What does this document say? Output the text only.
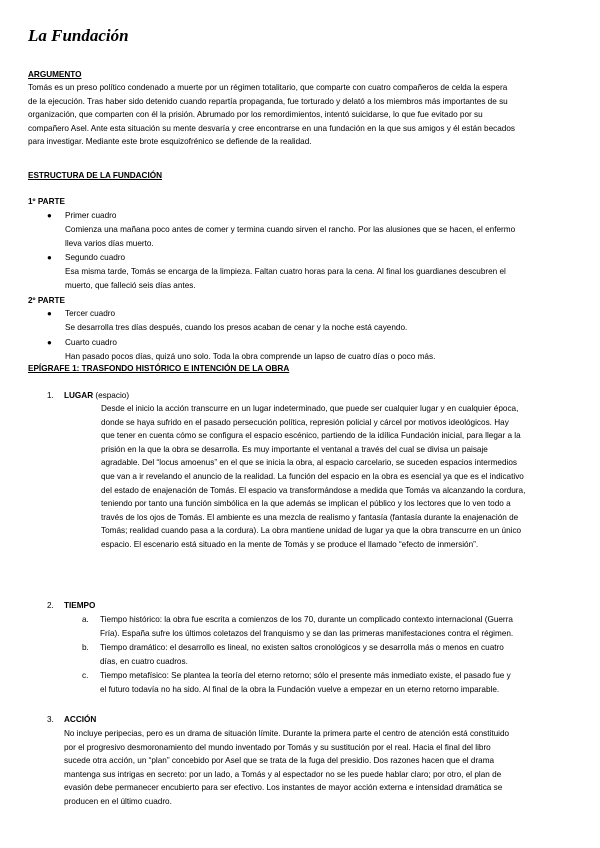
La Fundación
ARGUMENTO
Tomás es un preso político condenado a muerte por un régimen totalitario, que comparte con cuatro compañeros de celda la espera
de la ejecución. Tras haber sido detenido cuando repartía propaganda, fue torturado y delató a los miembros más importantes de su
organización, que comparten con él la prisión. Abrumado por los remordimientos, intentó suicidarse, lo que fue evitado por su
compañero Asel. Ante esta situación su mente desvaría y cree encontrarse en una fundación en la que sus amigos y él están becados
para investigar. Mediante este brote esquizofrénico se defiende de la realidad.
ESTRUCTURA DE LA FUNDACIÓN
1º PARTE
● Primer cuadro
Comienza una mañana poco antes de comer y termina cuando sirven el rancho. Por las alusiones que se hacen, el enfermo
lleva varios días muerto.
● Segundo cuadro
Esa misma tarde, Tomás se encarga de la limpieza. Faltan cuatro horas para la cena. Al final los guardianes descubren el
muerto, que falleció seis días antes.
2º PARTE
● Tercer cuadro
Se desarrolla tres días después, cuando los presos acaban de cenar y la noche está cayendo.
● Cuarto cuadro
Han pasado pocos días, quizá uno solo. Toda la obra comprende un lapso de cuatro días o poco más.
EPÍGRAFE 1: TRASFONDO HISTÓRICO E INTENCIÓN DE LA OBRA
1. LUGAR (espacio)
Desde el inicio la acción transcurre en un lugar indeterminado, que puede ser cualquier lugar y en cualquier época,
donde se haya sufrido en el pasado persecución política, represión policial y cárcel por motivos ideológicos. Hay
que tener en cuenta cómo se configura el espacio escénico, partiendo de la idílica Fundación inicial, para llegar a la
prisión en la que la obra se desarrolla. Es muy importante el ventanal a través del cual se divisa un paisaje
agradable. Del “locus amoenus” en el que se inicia la obra, al espacio carcelario, se suceden espacios intermedios
que van a ir revelando el anuncio de la realidad. La función del espacio en la obra es esencial ya que es el indicativo
del estado de enajenación de Tomás. El espacio va transformándose a medida que Tomás va alcanzando la cordura,
teniendo por tanto una función simbólica en la que además se implican el público y los lectores que lo ven todo a
través de los ojos de Tomás. El ambiente es una mezcla de realismo y fantasía (fantasía durante la enajenación de
Tomás; realidad cuando pasa a la cordura). La obra mantiene unidad de lugar ya que la obra transcurre en un único
espacio. El escenario está situado en la mente de Tomás y se produce el llamado “efecto de inmersión”.
2. TIEMPO
a. Tiempo histórico: la obra fue escrita a comienzos de los 70, durante un complicado contexto internacional (Guerra
Fría). España sufre los últimos coletazos del franquismo y se dan las primeras manifestaciones contra el régimen.
b. Tiempo dramático: el desarrollo es lineal, no existen saltos cronológicos y se desarrolla más o menos en cuatro
días, en cuatro cuadros.
c. Tiempo metafísico: Se plantea la teoría del eterno retorno; sólo el presente más inmediato existe, el pasado fue y
el futuro todavía no ha sido. Al final de la obra la Fundación vuelve a empezar en un eterno retorno imparable.
3. ACCIÓN
No incluye peripecias, pero es un drama de situación límite. Durante la primera parte el centro de atención está constituido
por el progresivo desmoronamiento del mundo inventado por Tomás y su sustitución por el real. Hacia el final del libro
sucede otra acción, un “plan” concebido por Asel que se trata de la fuga del presidio. Dos razones hacen que el drama
mantenga sus intrigas en secreto: por un lado, a Tomás y al espectador no se les puede hablar claro; por otro, el plan de
evasión debe permanecer encubierto para ser efectivo. Los instantes de mayor acción externa e intensidad dramática se
producen en el último cuadro.
